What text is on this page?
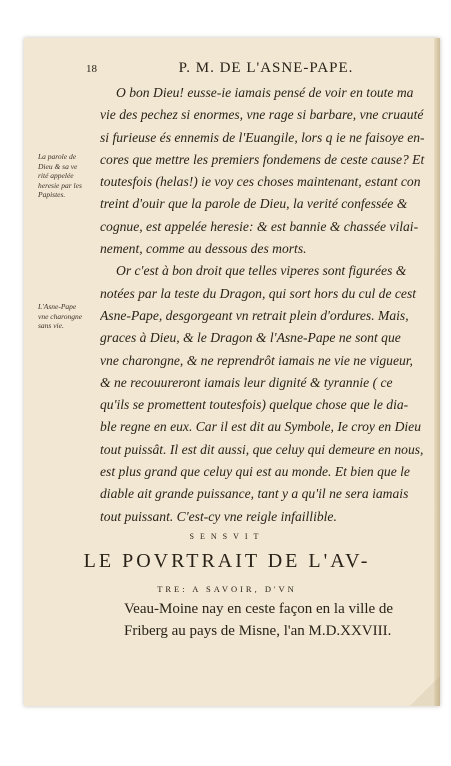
18	P. M. DE L'ASNE-PAPE.
O bon Dieu! eusse-ie iamais pensé de voir en toute ma
vie des pechez si enormes, vne rage si barbare, vne cruauté
si furieuse és ennemis de l'Euangile, lors q ie ne faisoye en-
cores que mettre les premiers fondemens de ceste cause? Et
toutesfois (helas!) ie voy ces choses maintenant, estant con
treint d'ouir que la parole de Dieu, la verité confessée &
cognue, est appelée heresie: & est bannie & chassée vilai-
nement, comme au dessous des morts.
Or c'est à bon droit que telles viperes sont figurées &
notées par la teste du Dragon, qui sort hors du cul de cest
Asne-Pape, desgorgeant vn retrait plein d'ordures. Mais,
graces à Dieu, & le Dragon & l'Asne-Pape ne sont que
vne charongne, & ne reprendrôt iamais ne vie ne vigueur,
& ne recouureront iamais leur dignité & tyrannie ( ce
qu'ils se promettent toutesfois) quelque chose que le dia-
ble regne en eux. Car il est dit au Symbole, Ie croy en Dieu
tout puissât. Il est dit aussi, que celuy qui demeure en nous,
est plus grand que celuy qui est au monde. Et bien que le
diable ait grande puissance, tant y a qu'il ne sera iamais
tout puissant. C'est-cy vne reigle infaillible.
La parole de
Dieu & sa ve
rité appelée
heresie par les
Papistes.
L'Asne-Pape
vne charongne
sans vie.
SENSVIT
LE POVRTRAIT DE L'AV-
TRE: A SAVOIR, D'VN
Veau-Moine nay en ceste façon en la ville de
Friberg au pays de Misne, l'an M.D.XXVIII.
